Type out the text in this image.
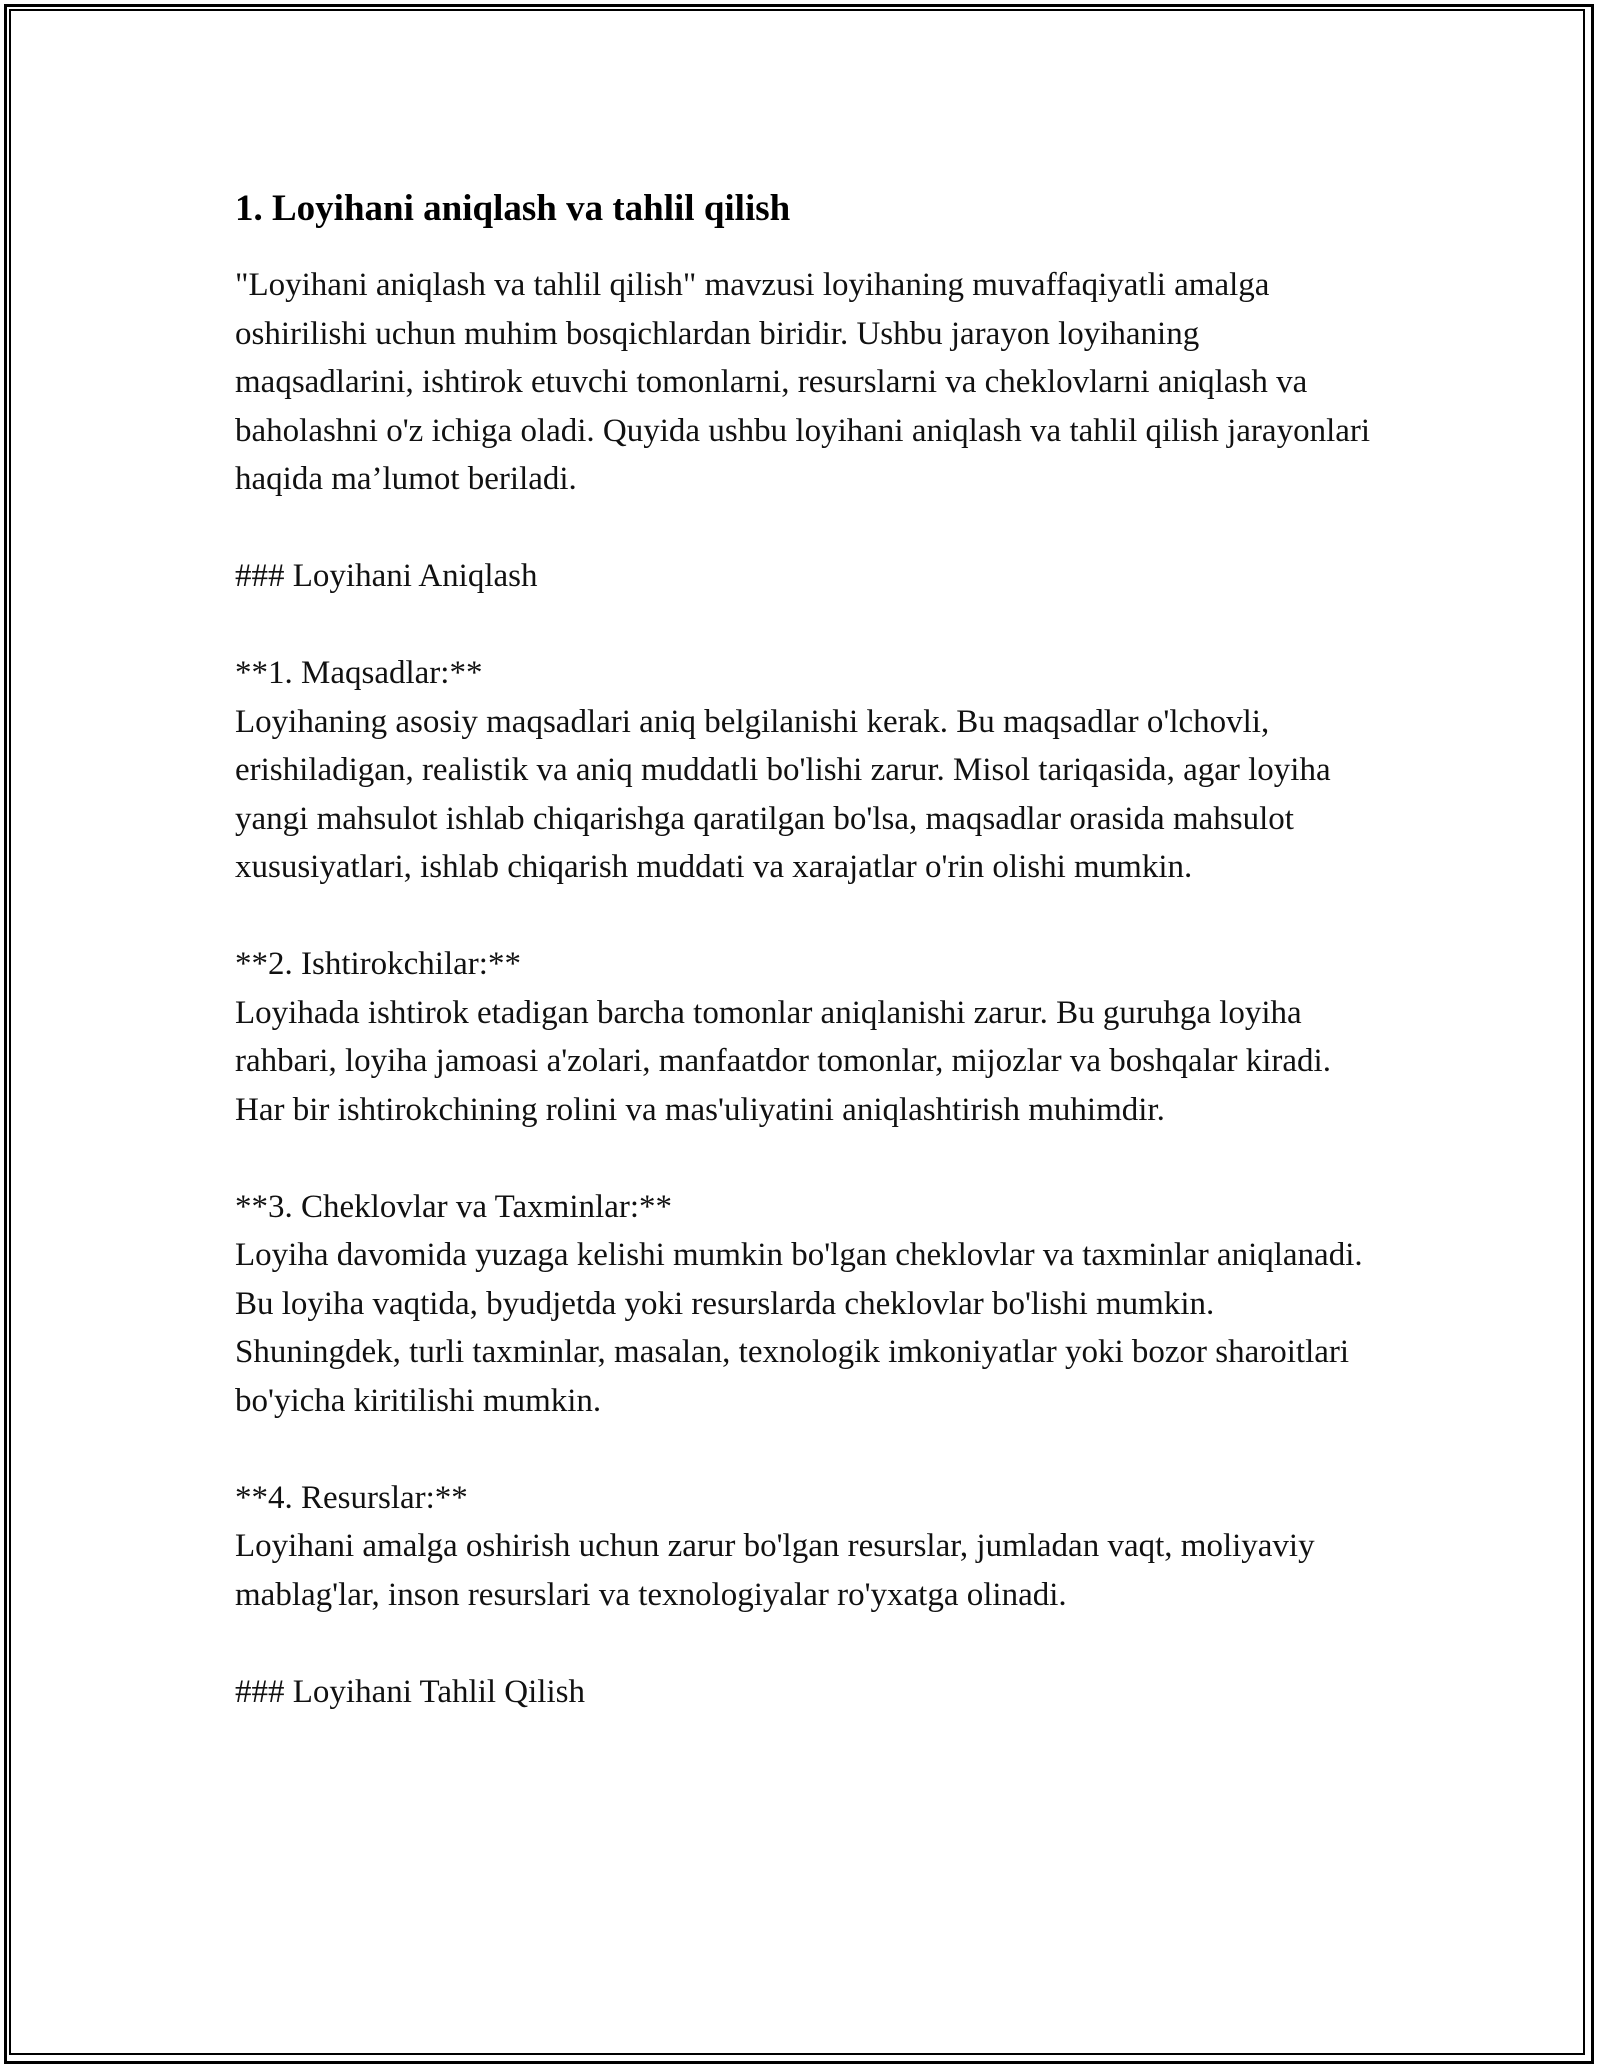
1. Loyihani aniqlash va tahlil qilish

"Loyihani aniqlash va tahlil qilish" mavzusi loyihaning muvaffaqiyatli amalga oshirilishi uchun muhim bosqichlardan biridir. Ushbu jarayon loyihaning maqsadlarini, ishtirok etuvchi tomonlarni, resurslarni va cheklovlarni aniqlash va baholashni o'z ichiga oladi. Quyida ushbu loyihani aniqlash va tahlil qilish jarayonlari haqida ma’lumot beriladi.

### Loyihani Aniqlash

**1. Maqsadlar:**

Loyihaning asosiy maqsadlari aniq belgilanishi kerak. Bu maqsadlar o'lchovli, erishiladigan, realistik va aniq muddatli bo'lishi zarur. Misol tariqasida, agar loyiha yangi mahsulot ishlab chiqarishga qaratilgan bo'lsa, maqsadlar orasida mahsulot xususiyatlari, ishlab chiqarish muddati va xarajatlar o'rin olishi mumkin.

**2. Ishtirokchilar:**

Loyihada ishtirok etadigan barcha tomonlar aniqlanishi zarur. Bu guruhga loyiha rahbari, loyiha jamoasi a'zolari, manfaatdor tomonlar, mijozlar va boshqalar kiradi. Har bir ishtirokchining rolini va mas'uliyatini aniqlashtirish muhimdir.

**3. Cheklovlar va Taxminlar:**

Loyiha davomida yuzaga kelishi mumkin bo'lgan cheklovlar va taxminlar aniqlanadi. Bu loyiha vaqtida, byudjetda yoki resurslarda cheklovlar bo'lishi mumkin. Shuningdek, turli taxminlar, masalan, texnologik imkoniyatlar yoki bozor sharoitlari bo'yicha kiritilishi mumkin.

**4. Resurslar:**

Loyihani amalga oshirish uchun zarur bo'lgan resurslar, jumladan vaqt, moliyaviy mablag'lar, inson resurslari va texnologiyalar ro'yxatga olinadi.

### Loyihani Tahlil Qilish
